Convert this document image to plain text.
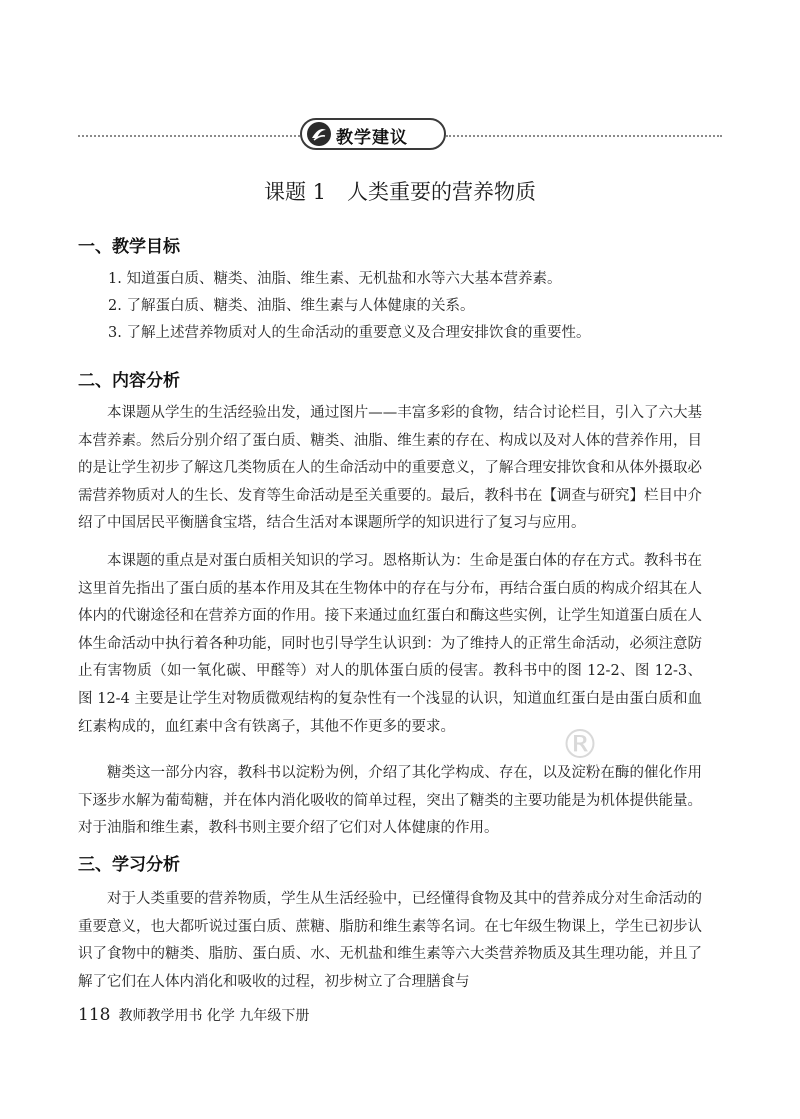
教学建议
课题 1　人类重要的营养物质
一、教学目标
1. 知道蛋白质、糖类、油脂、维生素、无机盐和水等六大基本营养素。
2. 了解蛋白质、糖类、油脂、维生素与人体健康的关系。
3. 了解上述营养物质对人的生命活动的重要意义及合理安排饮食的重要性。
二、内容分析

本课题从学生的生活经验出发，通过图片——丰富多彩的食物，结合讨论栏目，引入了六大基本营养素。然后分别介绍了蛋白质、糖类、油脂、维生素的存在、构成以及对人体的营养作用，目的是让学生初步了解这几类物质在人的生命活动中的重要意义，了解合理安排饮食和从体外摄取必需营养物质对人的生长、发育等生命活动是至关重要的。最后，教科书在【调查与研究】栏目中介绍了中国居民平衡膳食宝塔，结合生活对本课题所学的知识进行了复习与应用。

本课题的重点是对蛋白质相关知识的学习。恩格斯认为：生命是蛋白体的存在方式。教科书在这里首先指出了蛋白质的基本作用及其在生物体中的存在与分布，再结合蛋白质的构成介绍其在人体内的代谢途径和在营养方面的作用。接下来通过血红蛋白和酶这些实例，让学生知道蛋白质在人体生命活动中执行着各种功能，同时也引导学生认识到：为了维持人的正常生命活动，必须注意防止有害物质（如一氧化碳、甲醛等）对人的肌体蛋白质的侵害。教科书中的图 12-2、图 12-3、图 12-4 主要是让学生对物质微观结构的复杂性有一个浅显的认识，知道血红蛋白是由蛋白质和血红素构成的，血红素中含有铁离子，其他不作更多的要求。

糖类这一部分内容，教科书以淀粉为例，介绍了其化学构成、存在，以及淀粉在酶的催化作用下逐步水解为葡萄糖，并在体内消化吸收的简单过程，突出了糖类的主要功能是为机体提供能量。对于油脂和维生素，教科书则主要介绍了它们对人体健康的作用。

®
三、学习分析

对于人类重要的营养物质，学生从生活经验中，已经懂得食物及其中的营养成分对生命活动的重要意义，也大都听说过蛋白质、蔗糖、脂肪和维生素等名词。在七年级生物课上，学生已初步认识了食物中的糖类、脂肪、蛋白质、水、无机盐和维生素等六大类营养物质及其生理功能，并且了解了它们在人体内消化和吸收的过程，初步树立了合理膳食与

118 教师教学用书 化学 九年级下册
